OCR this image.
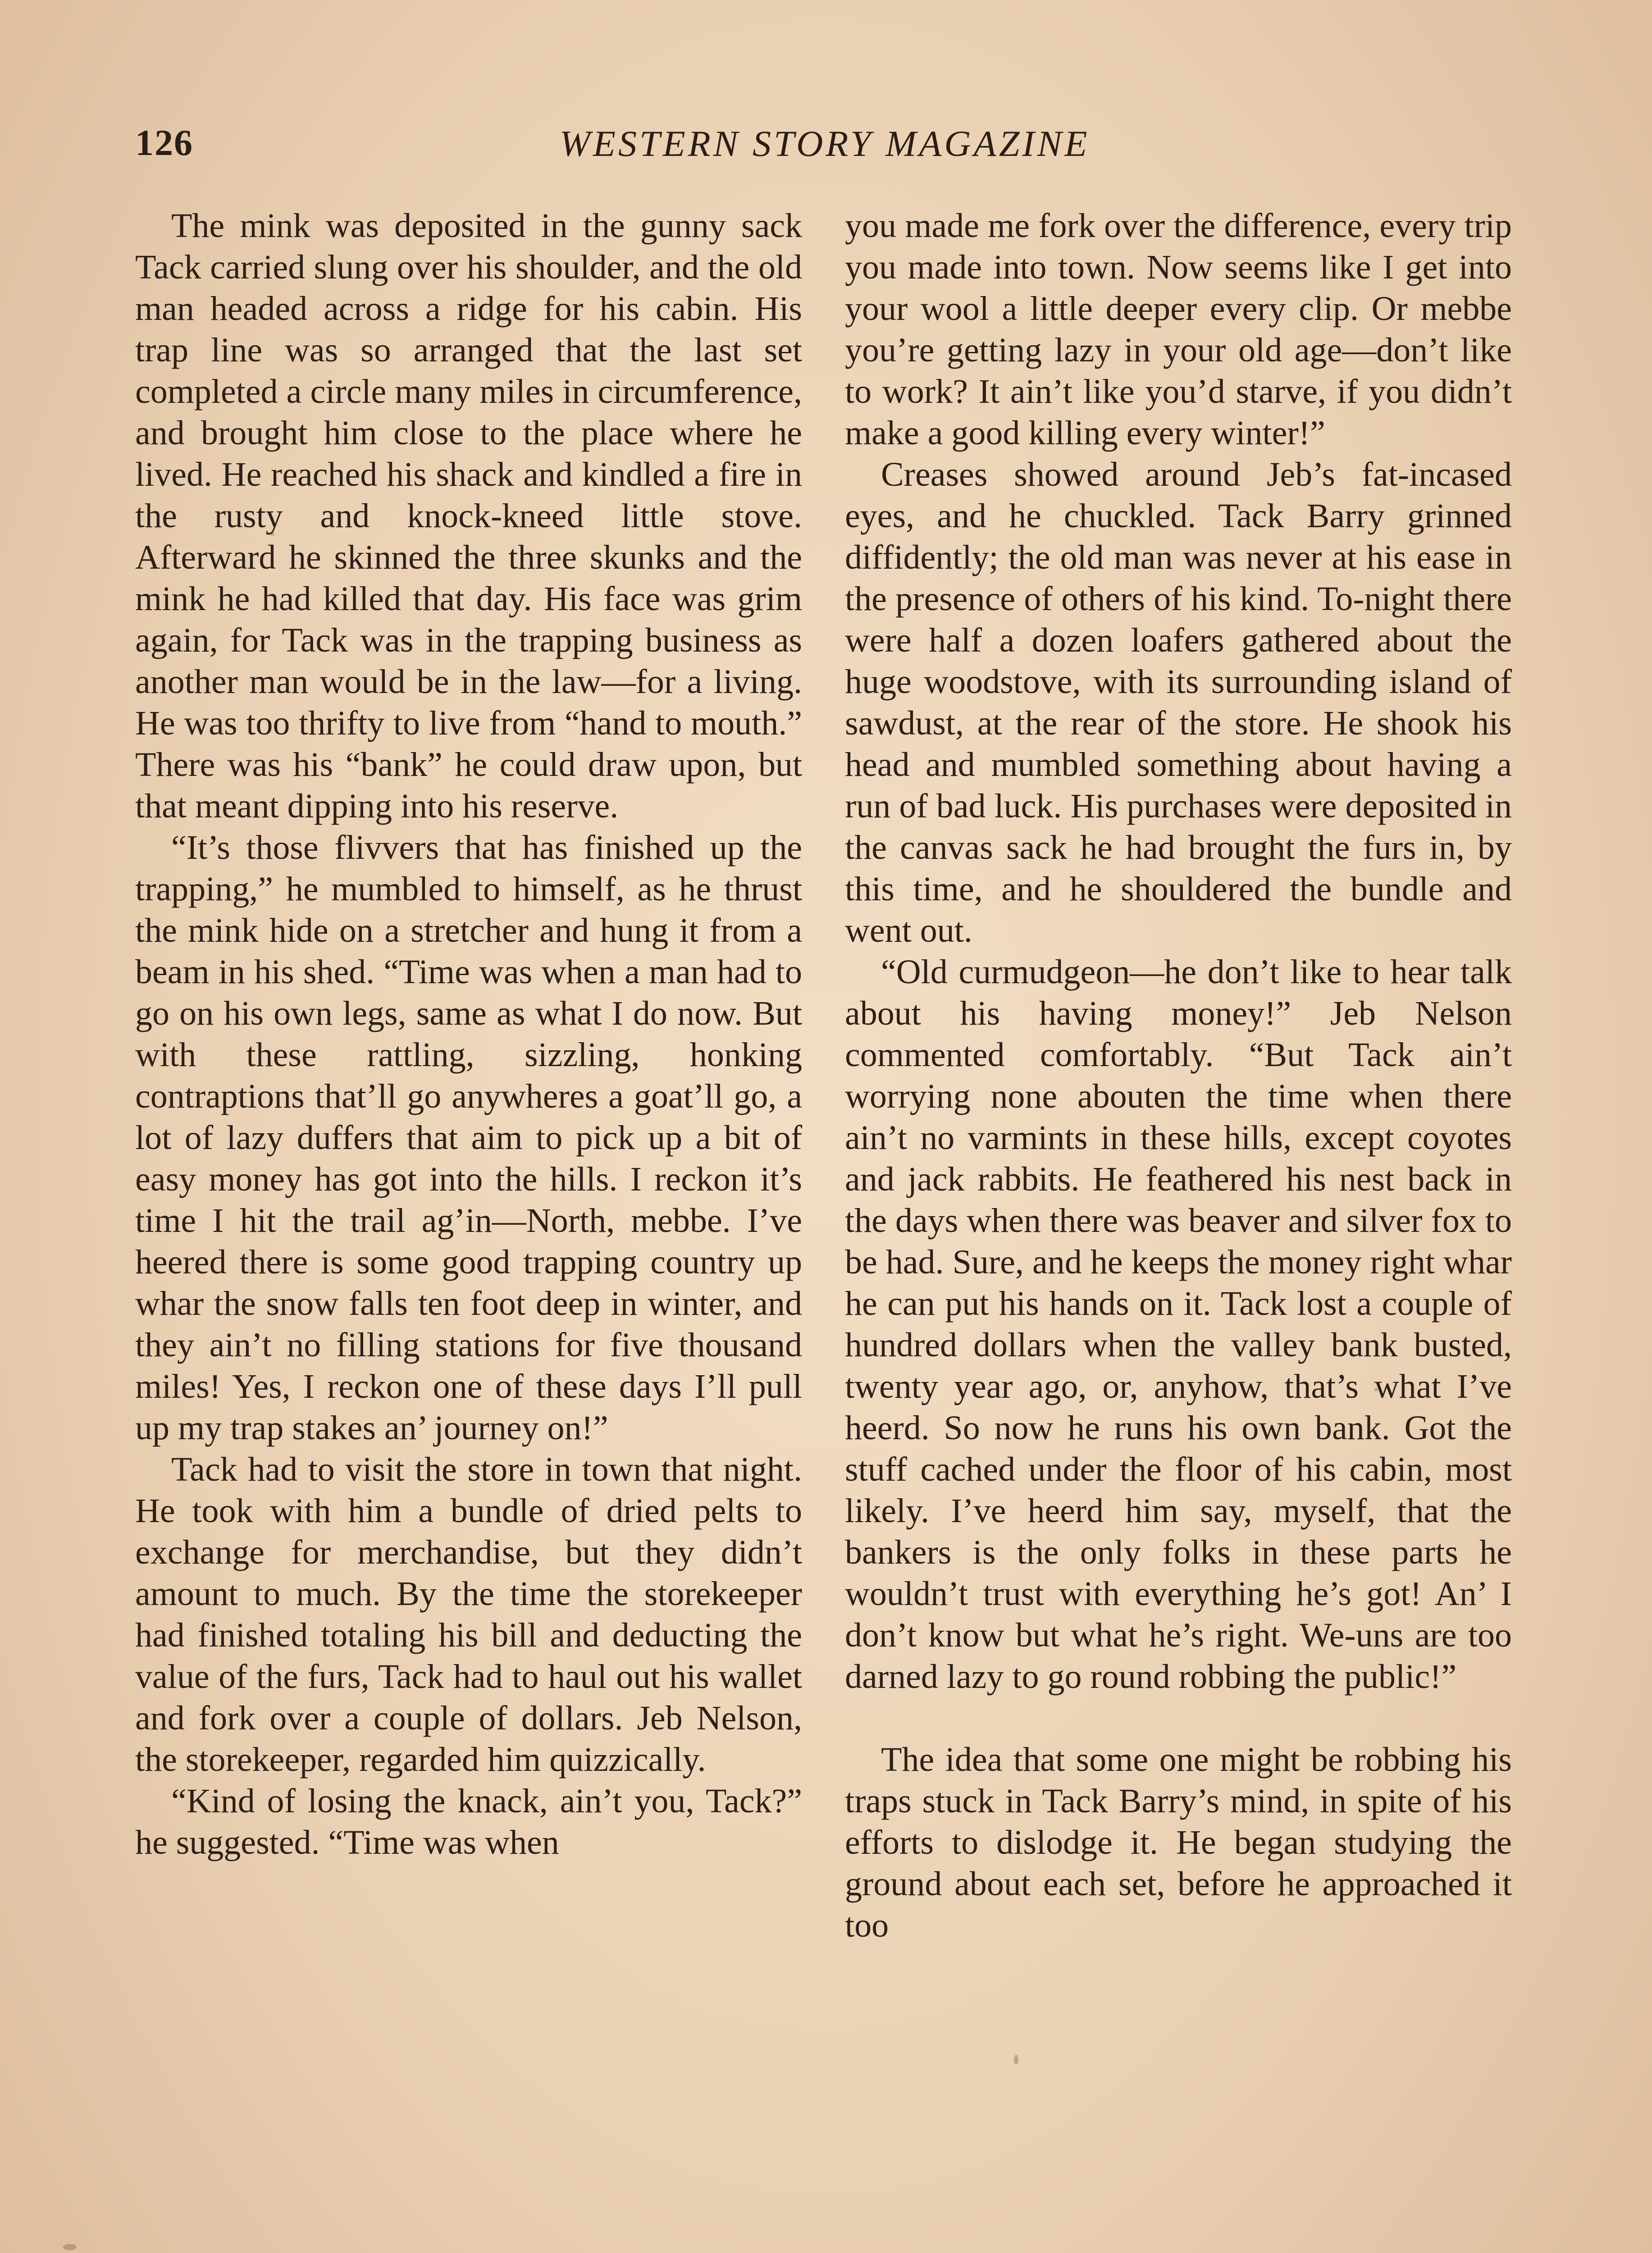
126	WESTERN STORY MAGAZINE

The mink was deposited in the gunny sack Tack carried slung over his shoulder, and the old man headed across a ridge for his cabin. His trap line was so arranged that the last set completed a circle many miles in circumference, and brought him close to the place where he lived. He reached his shack and kindled a fire in the rusty and knock-kneed little stove. Afterward he skinned the three skunks and the mink he had killed that day. His face was grim again, for Tack was in the trapping business as another man would be in the law—for a living. He was too thrifty to live from “hand to mouth.” There was his “bank” he could draw upon, but that meant dipping into his reserve.

“It’s those flivvers that has finished up the trapping,” he mumbled to himself, as he thrust the mink hide on a stretcher and hung it from a beam in his shed. “Time was when a man had to go on his own legs, same as what I do now. But with these rattling, sizzling, honking contraptions that’ll go anywheres a goat’ll go, a lot of lazy duffers that aim to pick up a bit of easy money has got into the hills. I reckon it’s time I hit the trail ag’in—North, mebbe. I’ve heered there is some good trapping country up whar the snow falls ten foot deep in winter, and they ain’t no filling stations for five thousand miles! Yes, I reckon one of these days I’ll pull up my trap stakes an’ journey on!”

Tack had to visit the store in town that night. He took with him a bundle of dried pelts to exchange for merchandise, but they didn’t amount to much. By the time the storekeeper had finished totaling his bill and deducting the value of the furs, Tack had to haul out his wallet and fork over a couple of dollars. Jeb Nelson, the storekeeper, regarded him quizzically.

“Kind of losing the knack, ain’t you, Tack?” he suggested. “Time was when

you made me fork over the difference, every trip you made into town. Now seems like I get into your wool a little deeper every clip. Or mebbe you’re getting lazy in your old age—don’t like to work? It ain’t like you’d starve, if you didn’t make a good killing every winter!”

Creases showed around Jeb’s fat-incased eyes, and he chuckled. Tack Barry grinned diffidently; the old man was never at his ease in the presence of others of his kind. To-night there were half a dozen loafers gathered about the huge woodstove, with its surrounding island of sawdust, at the rear of the store. He shook his head and mumbled something about having a run of bad luck. His purchases were deposited in the canvas sack he had brought the furs in, by this time, and he shouldered the bundle and went out.

“Old curmudgeon—he don’t like to hear talk about his having money!” Jeb Nelson commented comfortably. “But Tack ain’t worrying none abouten the time when there ain’t no varmints in these hills, except coyotes and jack rabbits. He feathered his nest back in the days when there was beaver and silver fox to be had. Sure, and he keeps the money right whar he can put his hands on it. Tack lost a couple of hundred dollars when the valley bank busted, twenty year ago, or, anyhow, that’s what I’ve heerd. So now he runs his own bank. Got the stuff cached under the floor of his cabin, most likely. I’ve heerd him say, myself, that the bankers is the only folks in these parts he wouldn’t trust with everything he’s got! An’ I don’t know but what he’s right. We-uns are too darned lazy to go round robbing the public!”

The idea that some one might be robbing his traps stuck in Tack Barry’s mind, in spite of his efforts to dislodge it. He began studying the ground about each set, before he approached it too
